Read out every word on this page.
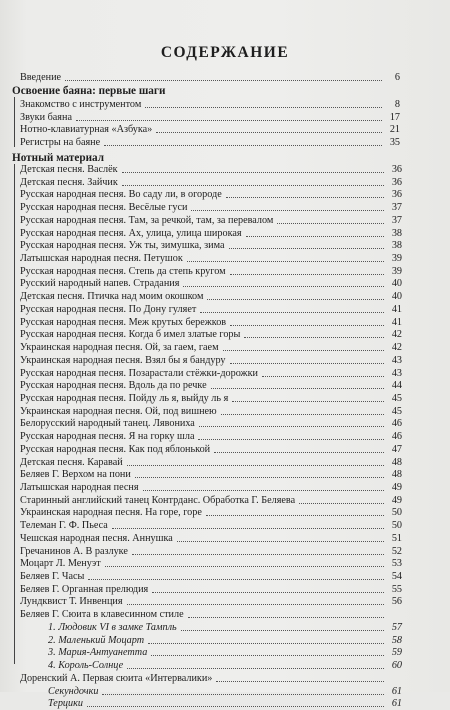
СОДЕРЖАНИЕ
Введение	6
Освоение баяна: первые шаги
Знакомство с инструментом	8
Звуки баяна	17
Нотно-клавиатурная «Азбука»	21
Регистры на баяне	35
Нотный материал
Детская песня. Васлёк	36
Детская песня. Зайчик	36
Русская народная песня. Во саду ли, в огороде	36
Русская народная песня. Весёлые гуси	37
Русская народная песня. Там, за речкой, там, за перевалом	37
Русская народная песня. Ах, улица, улица широкая	38
Русская народная песня. Уж ты, зимушка, зима	38
Латышская народная песня. Петушок	39
Русская народная песня. Степь да степь кругом	39
Русский народный напев. Страдания	40
Детская песня. Птичка над моим окошком	40
Русская народная песня. По Дону гуляет	41
Русская народная песня. Меж крутых бережков	41
Русская народная песня. Когда б имел златые горы	42
Украинская народная песня. Ой, за гаем, гаем	42
Украинская народная песня. Взял бы я бандуру	43
Русская народная песня. Позарастали стёжки-дорожки	43
Русская народная песня. Вдоль да по речке	44
Русская народная песня. Пойду ль я, выйду ль я	45
Украинская народная песня. Ой, под вишнею	45
Белорусский народный танец. Лявониха	46
Русская народная песня. Я на горку шла	46
Русская народная песня. Как под яблонькой	47
Детская песня. Каравай	48
Беляев Г. Верхом на пони	48
Латышская народная песня	49
Старинный английский танец Контрданс. Обработка Г. Беляева	49
Украинская народная песня. На горе, горе	50
Телеман Г. Ф. Пьеса	50
Чешская народная песня. Аннушка	51
Гречанинов А. В разлуке	52
Моцарт Л. Менуэт	53
Беляев Г. Часы	54
Беляев Г. Органная прелюдия	55
Лундквист Т. Инвенция	56
Беляев Г. Сюита в клавесинном стиле
1. Людовик VI в замке Тампль	57
2. Маленький Моцарт	58
3. Мария-Антуанетта	59
4. Король-Солнце	60
Доренский А. Первая сюита «Интервалики»
Секундочки	61
Терцики	61
